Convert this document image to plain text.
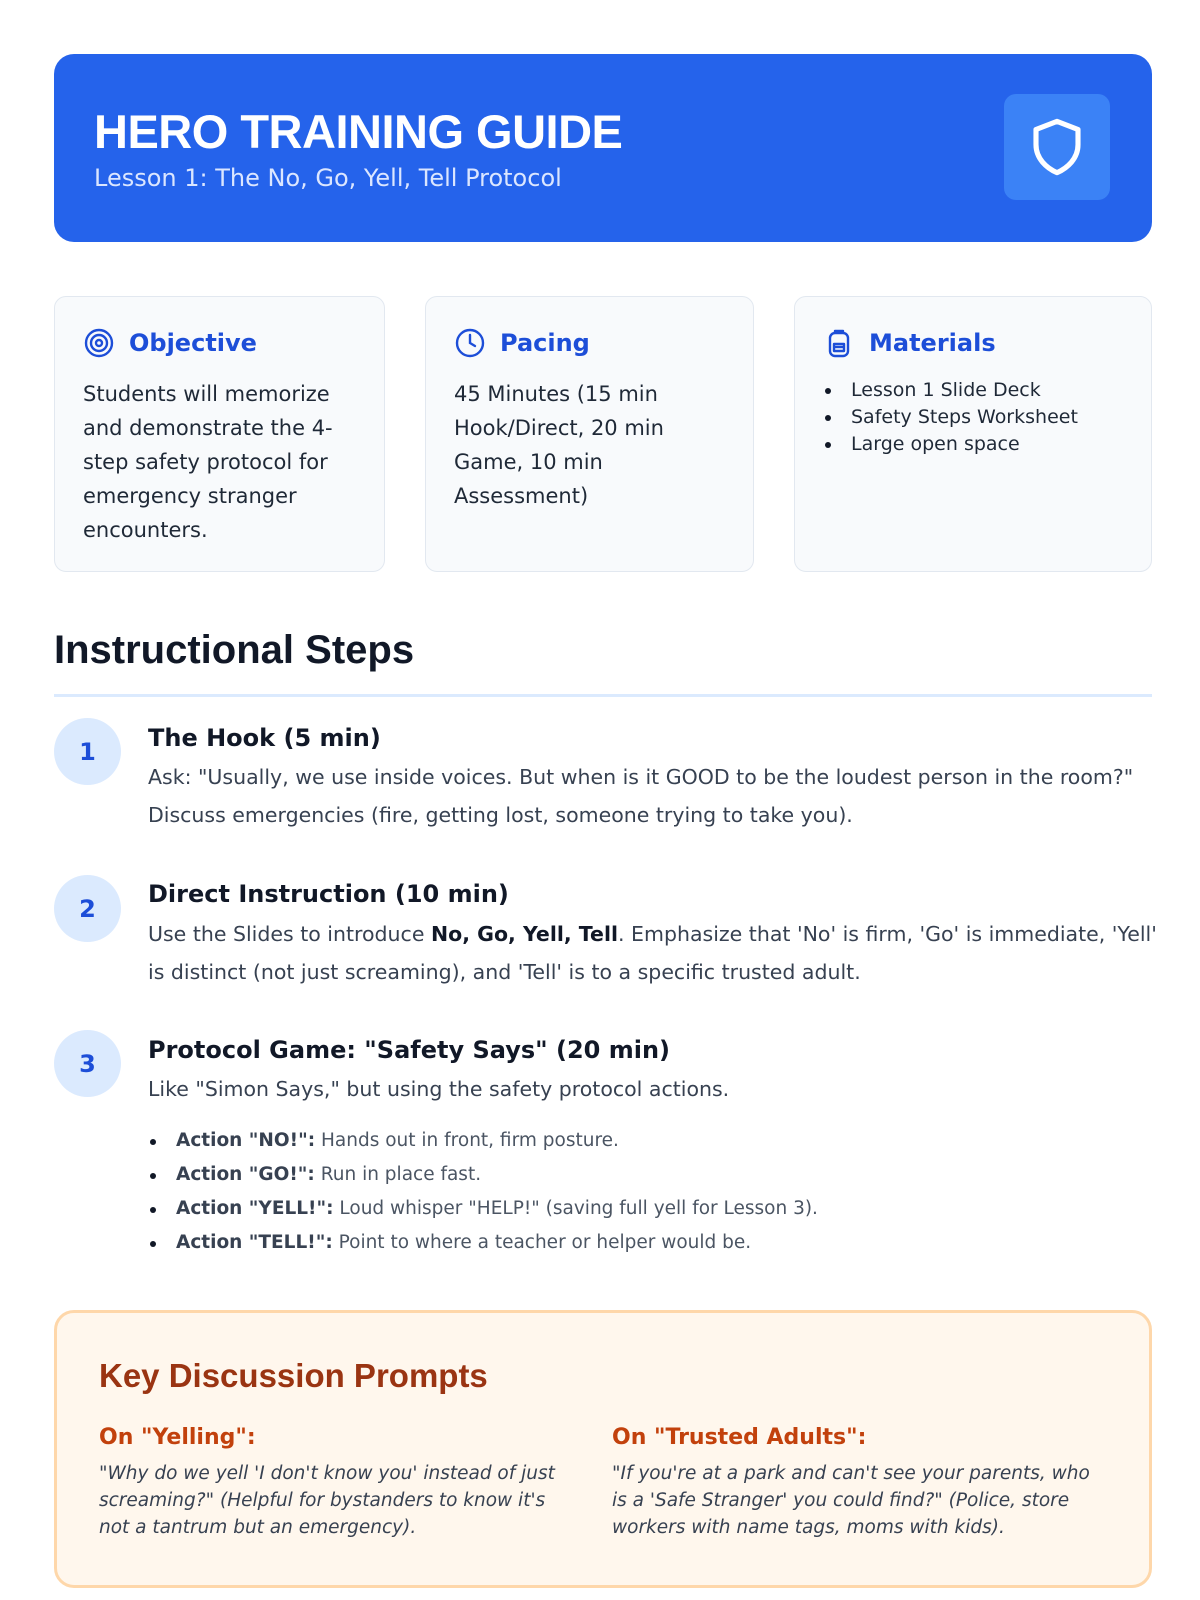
HERO TRAINING GUIDE
Lesson 1: The No, Go, Yell, Tell Protocol
Objective
Students will memorize and demonstrate the 4-step safety protocol for emergency stranger encounters.
Pacing
45 Minutes (15 min Hook/Direct, 20 min Game, 10 min Assessment)
Materials
Lesson 1 Slide Deck
Safety Steps Worksheet
Large open space
Instructional Steps
1	The Hook (5 min)
Ask: "Usually, we use inside voices. But when is it GOOD to be the loudest person in the room?" Discuss emergencies (fire, getting lost, someone trying to take you).
2
Direct Instruction (10 min)
Use the Slides to introduce No, Go, Yell, Tell. Emphasize that 'No' is firm, 'Go' is immediate, 'Yell' is distinct (not just screaming), and 'Tell' is to a specific trusted adult.
3	Protocol Game: "Safety Says" (20 min)
Like "Simon Says," but using the safety protocol actions.
Action "NO!": Hands out in front, firm posture.
Action "GO!": Run in place fast.
Action "YELL!": Loud whisper "HELP!" (saving full yell for Lesson 3).
Action "TELL!": Point to where a teacher or helper would be.
Key Discussion Prompts
On "Yelling":
"Why do we yell 'I don't know you' instead of just screaming?" (Helpful for bystanders to know it's not a tantrum but an emergency).
On "Trusted Adults":
"If you're at a park and can't see your parents, who is a 'Safe Stranger' you could find?" (Police, store workers with name tags, moms with kids).
